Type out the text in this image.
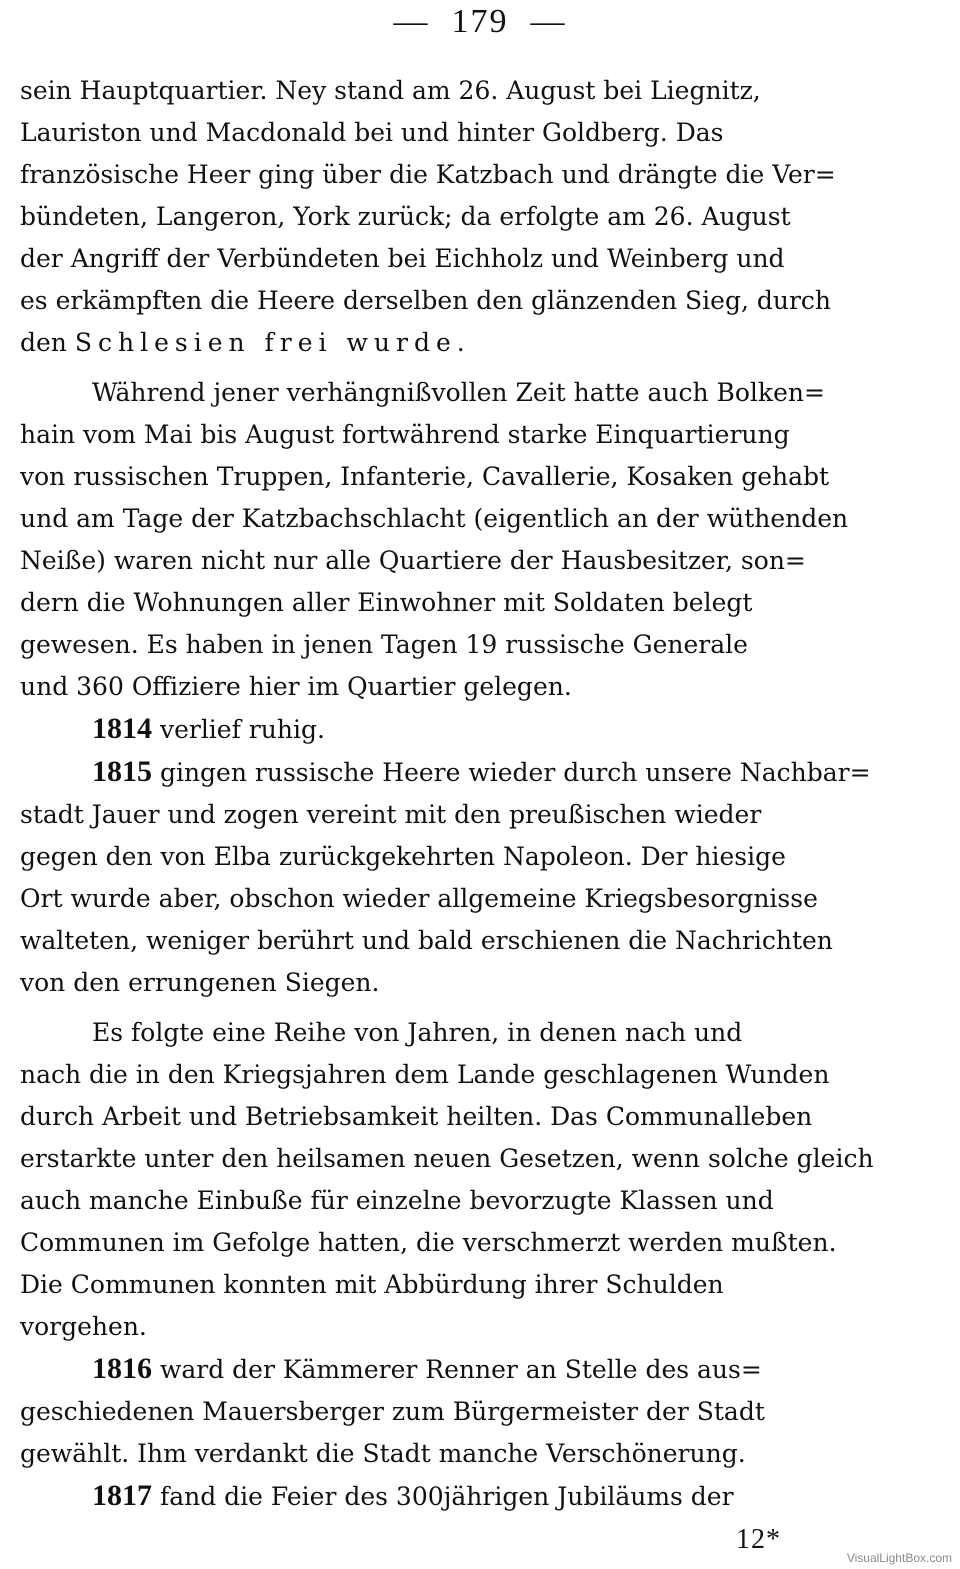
— 179 —

sein Hauptquartier. Ney stand am 26. August bei Liegnitz,
Lauriston und Macdonald bei und hinter Goldberg. Das
französische Heer ging über die Katzbach und drängte die Ver=
bündeten, Langeron, York zurück; da erfolgte am 26. August
der Angriff der Verbündeten bei Eichholz und Weinberg und
es erkämpften die Heere derselben den glänzenden Sieg, durch
den Schlesien frei wurde.

Während jener verhängnißvollen Zeit hatte auch Bolken=
hain vom Mai bis August fortwährend starke Einquartierung
von russischen Truppen, Infanterie, Cavallerie, Kosaken gehabt
und am Tage der Katzbachschlacht (eigentlich an der wüthenden
Neiße) waren nicht nur alle Quartiere der Hausbesitzer, son=
dern die Wohnungen aller Einwohner mit Soldaten belegt
gewesen. Es haben in jenen Tagen 19 russische Generale
und 360 Offiziere hier im Quartier gelegen.

1814 verlief ruhig.

1815 gingen russische Heere wieder durch unsere Nachbar=
stadt Jauer und zogen vereint mit den preußischen wieder
gegen den von Elba zurückgekehrten Napoleon. Der hiesige
Ort wurde aber, obschon wieder allgemeine Kriegsbesorgnisse
walteten, weniger berührt und bald erschienen die Nachrichten
von den errungenen Siegen.

Es folgte eine Reihe von Jahren, in denen nach und
nach die in den Kriegsjahren dem Lande geschlagenen Wunden
durch Arbeit und Betriebsamkeit heilten. Das Communalleben
erstarkte unter den heilsamen neuen Gesetzen, wenn solche gleich
auch manche Einbuße für einzelne bevorzugte Klassen und
Communen im Gefolge hatten, die verschmerzt werden mußten.
Die Communen konnten mit Abbürdung ihrer Schulden
vorgehen.

1816 ward der Kämmerer Renner an Stelle des aus=
geschiedenen Mauersberger zum Bürgermeister der Stadt
gewählt. Ihm verdankt die Stadt manche Verschönerung.

1817 fand die Feier des 300jährigen Jubiläums der

12*
VisualLightBox.com
